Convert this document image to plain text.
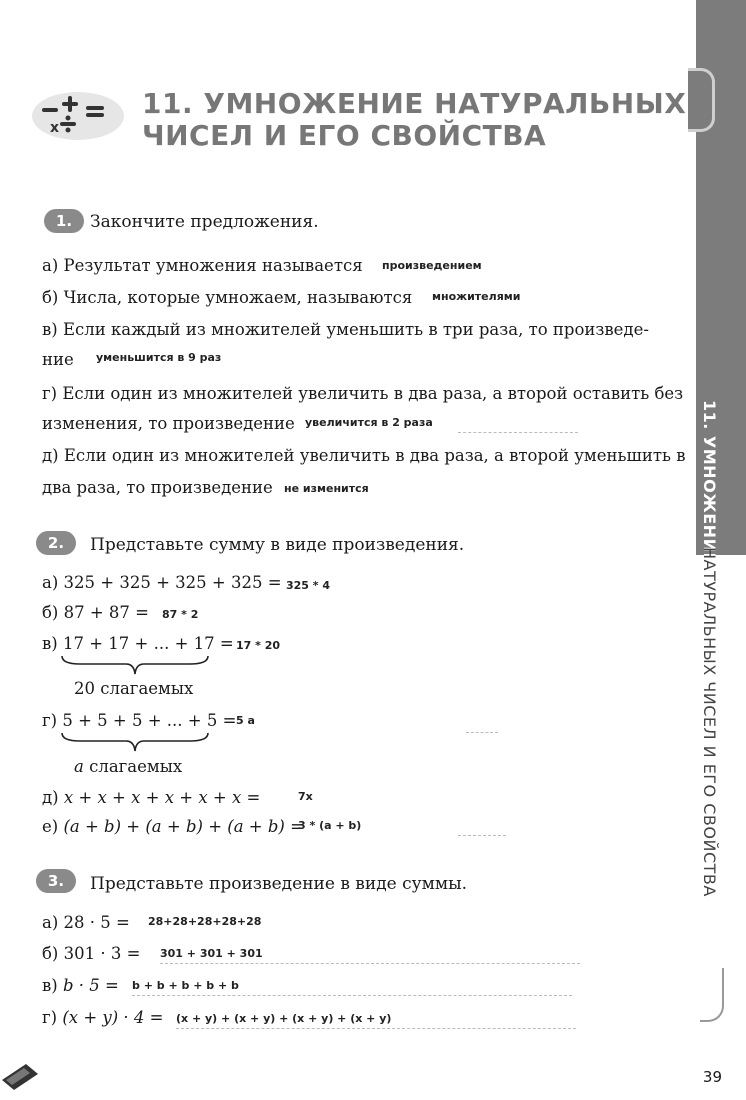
11. УМНОЖЕНИЕ
НАТУРАЛЬНЫХ ЧИСЕЛ И ЕГО СВОЙСТВА
x
11. УМНОЖЕНИЕ НАТУРАЛЬНЫХ
ЧИСЕЛ И ЕГО СВОЙСТВА
1.	Закончите предложения.
а) Результат умножения называется произведением
б) Числа, которые умножаем, называются множителями
в) Если каждый из множителей уменьшить в три раза, то произведе-
ние уменьшится в 9 раз
г) Если один из множителей увеличить в два раза, а второй оставить без
изменения, то произведение увеличится в 2 раза
д) Если один из множителей увеличить в два раза, а второй уменьшить в
два раза, то произведение не изменится
2.	Представьте сумму в виде произведения.
а) 325 + 325 + 325 + 325 = 325 * 4
б) 87 + 87 = 87 * 2
в) 17 + 17 + ... + 17 = 17 * 20
20 слагаемых
г) 5 + 5 + 5 + ... + 5 = 5 a
a слагаемых
д) x + x + x + x + x + x =	7x
е) (a + b) + (a + b) + (a + b) =
3 * (a + b)
3.	Представьте произведение в виде суммы.
а) 28 · 5 = 28+28+28+28+28
б) 301 · 3 = 301 + 301 + 301
в) b · 5 = b + b + b + b + b
г) (x + y) · 4 = (x + y) + (x + y) + (x + y) + (x + y)
39
